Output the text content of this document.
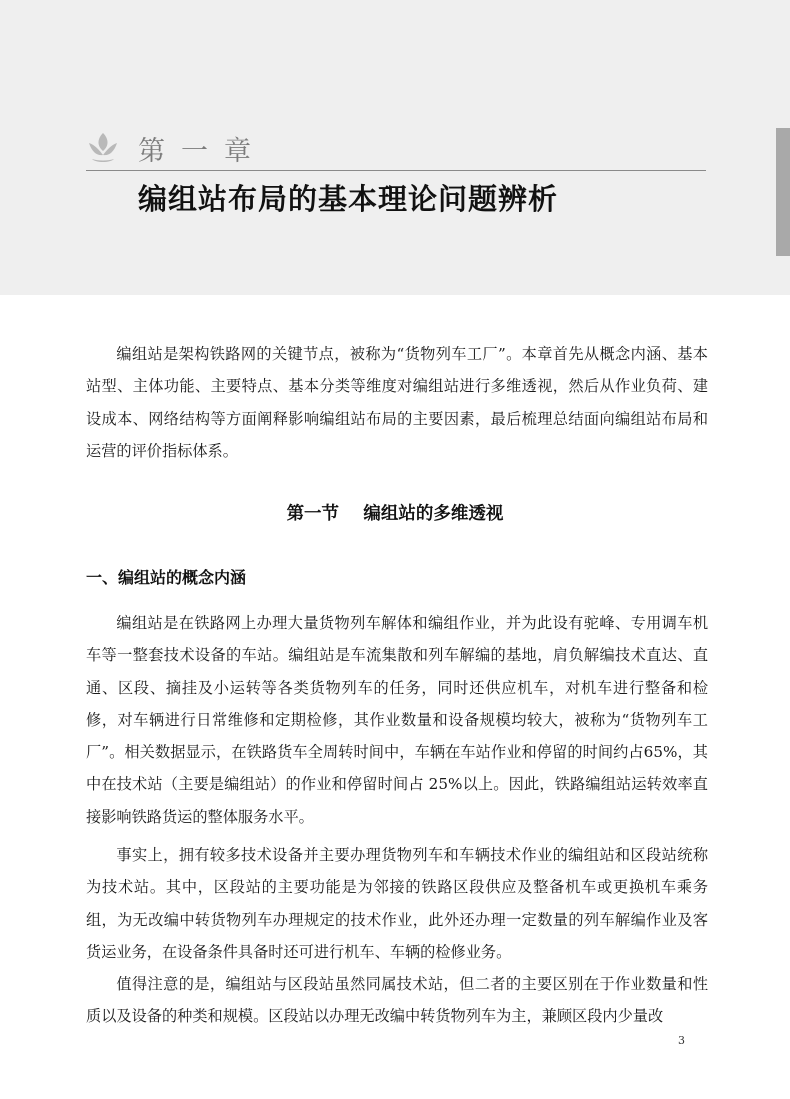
第一章
编组站布局的基本理论问题辨析

编组站是架构铁路网的关键节点，被称为“货物列车工厂”。本章首先从概念内涵、基本站型、主体功能、主要特点、基本分类等维度对编组站进行多维透视，然后从作业负荷、建设成本、网络结构等方面阐释影响编组站布局的主要因素，最后梳理总结面向编组站布局和运营的评价指标体系。

第一节    编组站的多维透视
一、编组站的概念内涵

编组站是在铁路网上办理大量货物列车解体和编组作业，并为此设有驼峰、专用调车机车等一整套技术设备的车站。编组站是车流集散和列车解编的基地，肩负解编技术直达、直通、区段、摘挂及小运转等各类货物列车的任务，同时还供应机车，对机车进行整备和检修，对车辆进行日常维修和定期检修，其作业数量和设备规模均较大，被称为“货物列车工厂”。相关数据显示，在铁路货车全周转时间中，车辆在车站作业和停留的时间约占65%，其中在技术站（主要是编组站）的作业和停留时间占 25%以上。因此，铁路编组站运转效率直接影响铁路货运的整体服务水平。

事实上，拥有较多技术设备并主要办理货物列车和车辆技术作业的编组站和区段站统称为技术站。其中，区段站的主要功能是为邻接的铁路区段供应及整备机车或更换机车乘务组，为无改编中转货物列车办理规定的技术作业，此外还办理一定数量的列车解编作业及客货运业务，在设备条件具备时还可进行机车、车辆的检修业务。

值得注意的是，编组站与区段站虽然同属技术站，但二者的主要区别在于作业数量和性质以及设备的种类和规模。区段站以办理无改编中转货物列车为主，兼顾区段内少量改

3
